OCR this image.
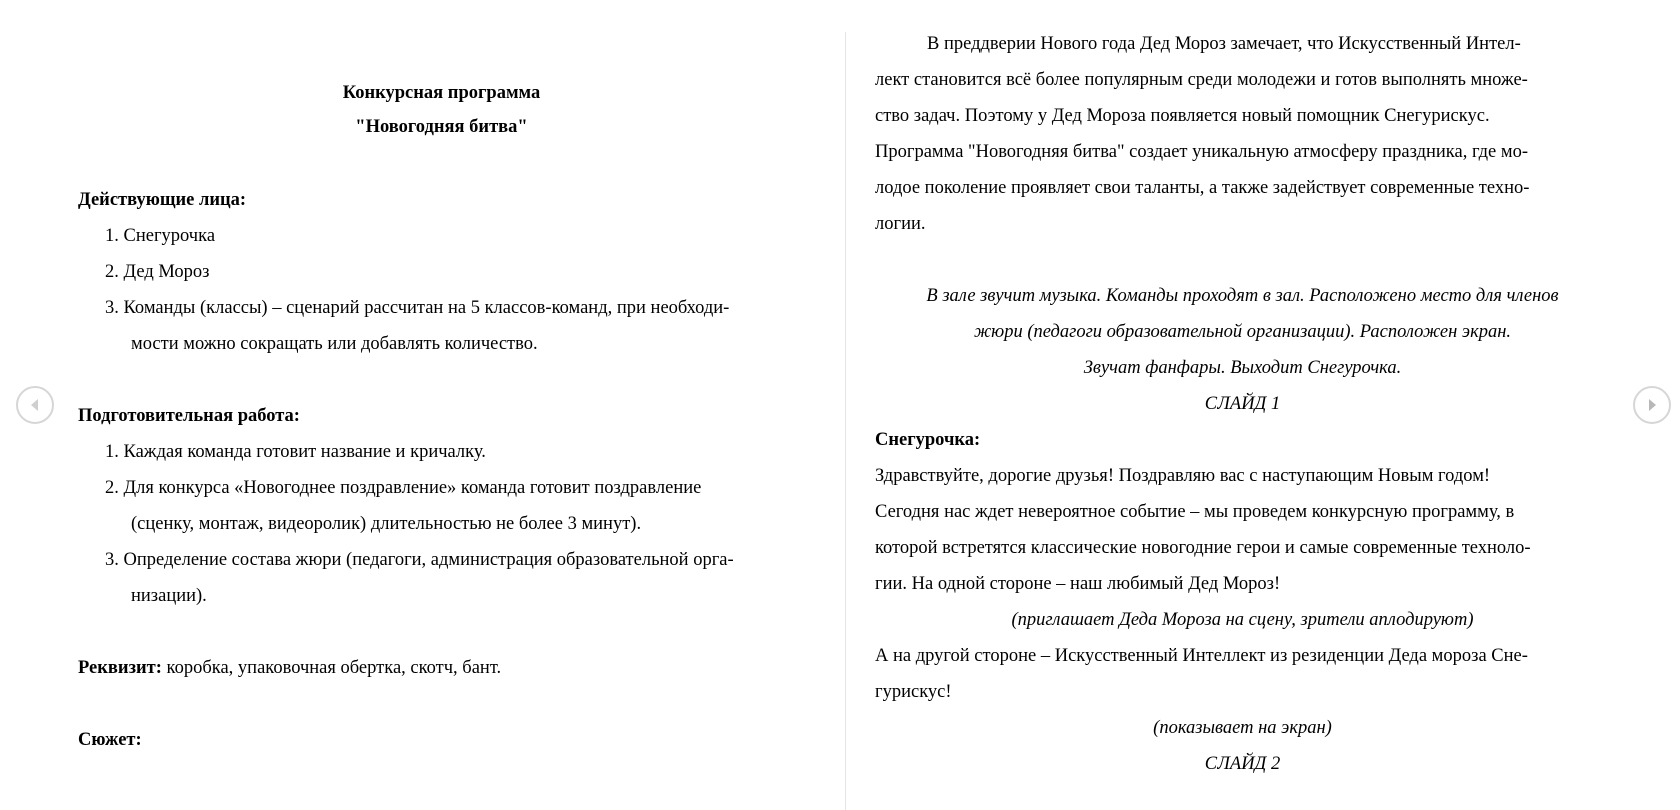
Конкурсная программа
"Новогодняя битва"
Действующие лица:
1. Снегурочка
2. Дед Мороз
3. Команды (классы) – сценарий рассчитан на 5 классов-команд, при необходи-
мости можно сокращать или добавлять количество.
Подготовительная работа:
1. Каждая команда готовит название и кричалку.
2. Для конкурса «Новогоднее поздравление» команда готовит поздравление
(сценку, монтаж, видеоролик) длительностью не более 3 минут).
3. Определение состава жюри (педагоги, администрация образовательной орга-
низации).
Реквизит: коробка, упаковочная обертка, скотч, бант.
Сюжет:
В преддверии Нового года Дед Мороз замечает, что Искусственный Интел-
лект становится всё более популярным среди молодежи и готов выполнять множе-
ство задач. Поэтому у Дед Мороза появляется новый помощник Снегурискус.
Программа "Новогодняя битва" создает уникальную атмосферу праздника, где мо-
лодое поколение проявляет свои таланты, а также задействует современные техно-
логии.
В зале звучит музыка. Команды проходят в зал. Расположено место для членов
жюри (педагоги образовательной организации). Расположен экран.
Звучат фанфары. Выходит Снегурочка.
СЛАЙД 1
Снегурочка:
Здравствуйте, дорогие друзья! Поздравляю вас с наступающим Новым годом!
Сегодня нас ждет невероятное событие – мы проведем конкурсную программу, в
которой встретятся классические новогодние герои и самые современные техноло-
гии. На одной стороне – наш любимый Дед Мороз!
(приглашает Деда Мороза на сцену, зрители аплодируют)
А на другой стороне – Искусственный Интеллект из резиденции Деда мороза Сне-
гурискус!
(показывает на экран)
СЛАЙД 2
